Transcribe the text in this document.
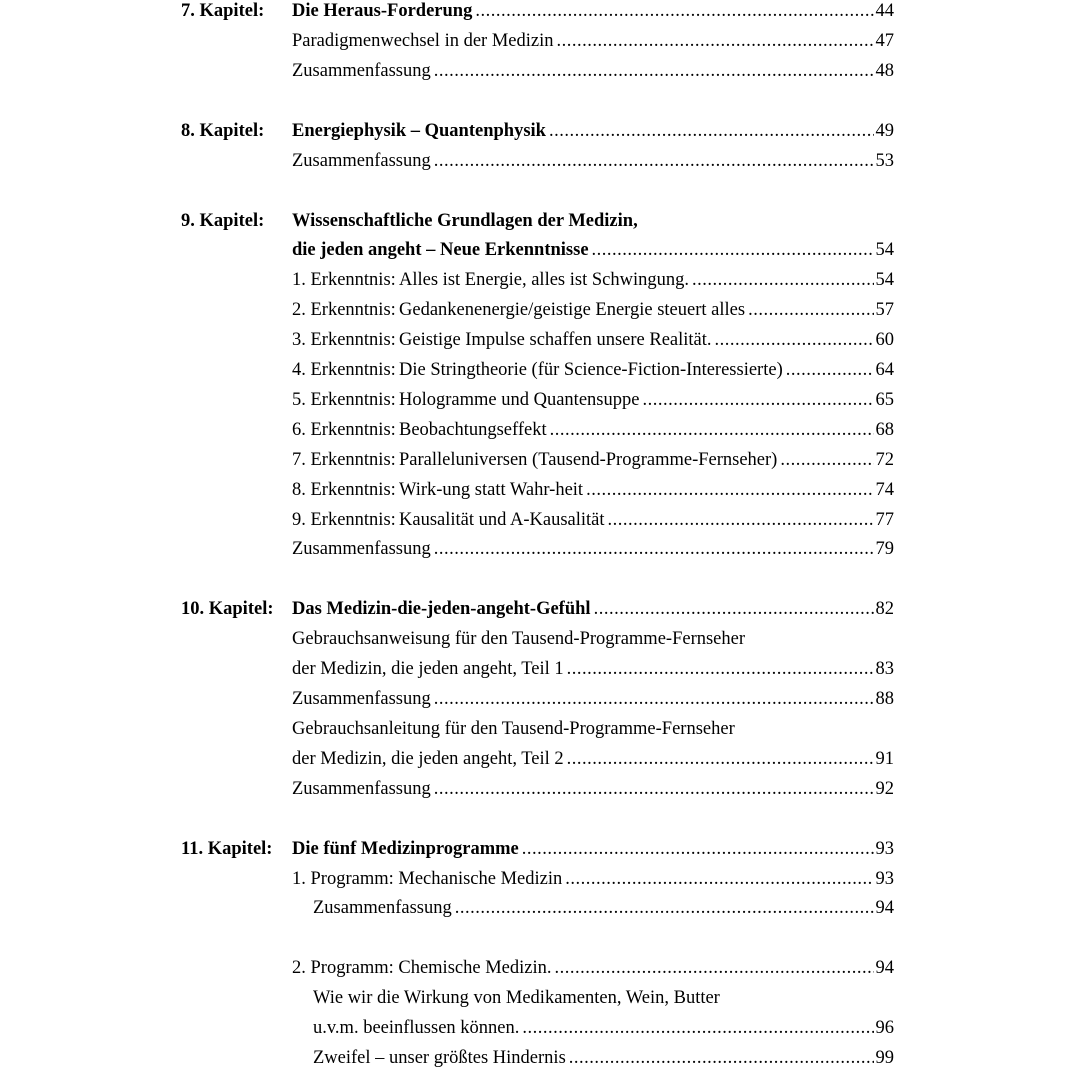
7. Kapitel: Die Heraus-Forderung .....	44
Paradigmenwechsel in der Medizin .....	47
Zusammenfassung .....	48
8. Kapitel: Energiephysik – Quantenphysik .....	49
Zusammenfassung .....	53
9. Kapitel: Wissenschaftliche Grundlagen der Medizin,
die jeden angeht – Neue Erkenntnisse .....	54
1. Erkenntnis: Alles ist Energie, alles ist Schwingung. .....	54
2. Erkenntnis: Gedankenenergie/geistige Energie steuert alles .....	57
3. Erkenntnis: Geistige Impulse schaffen unsere Realität. .....	60
4. Erkenntnis: Die Stringtheorie (für Science-Fiction-Interessierte) .....	64
5. Erkenntnis: Hologramme und Quantensuppe .....	65
6. Erkenntnis: Beobachtungseffekt .....	68
7. Erkenntnis: Paralleluniversen (Tausend-Programme-Fernseher) .....	72
8. Erkenntnis: Wirk-ung statt Wahr-heit .....	74
9. Erkenntnis: Kausalität und A-Kausalität .....	77
Zusammenfassung .....	79
10. Kapitel: Das Medizin-die-jeden-angeht-Gefühl .....	82
Gebrauchsanweisung für den Tausend-Programme-Fernseher
der Medizin, die jeden angeht, Teil 1 .....	83
Zusammenfassung .....	88
Gebrauchsanleitung für den Tausend-Programme-Fernseher
der Medizin, die jeden angeht, Teil 2 .....	91
Zusammenfassung .....	92
11. Kapitel: Die fünf Medizinprogramme .....	93
1. Programm: Mechanische Medizin .....	93
Zusammenfassung .....	94
2. Programm: Chemische Medizin. .....	94
Wie wir die Wirkung von Medikamenten, Wein, Butter
u.v.m. beeinflussen können. .....	96
Zweifel – unser größtes Hindernis .....	99
